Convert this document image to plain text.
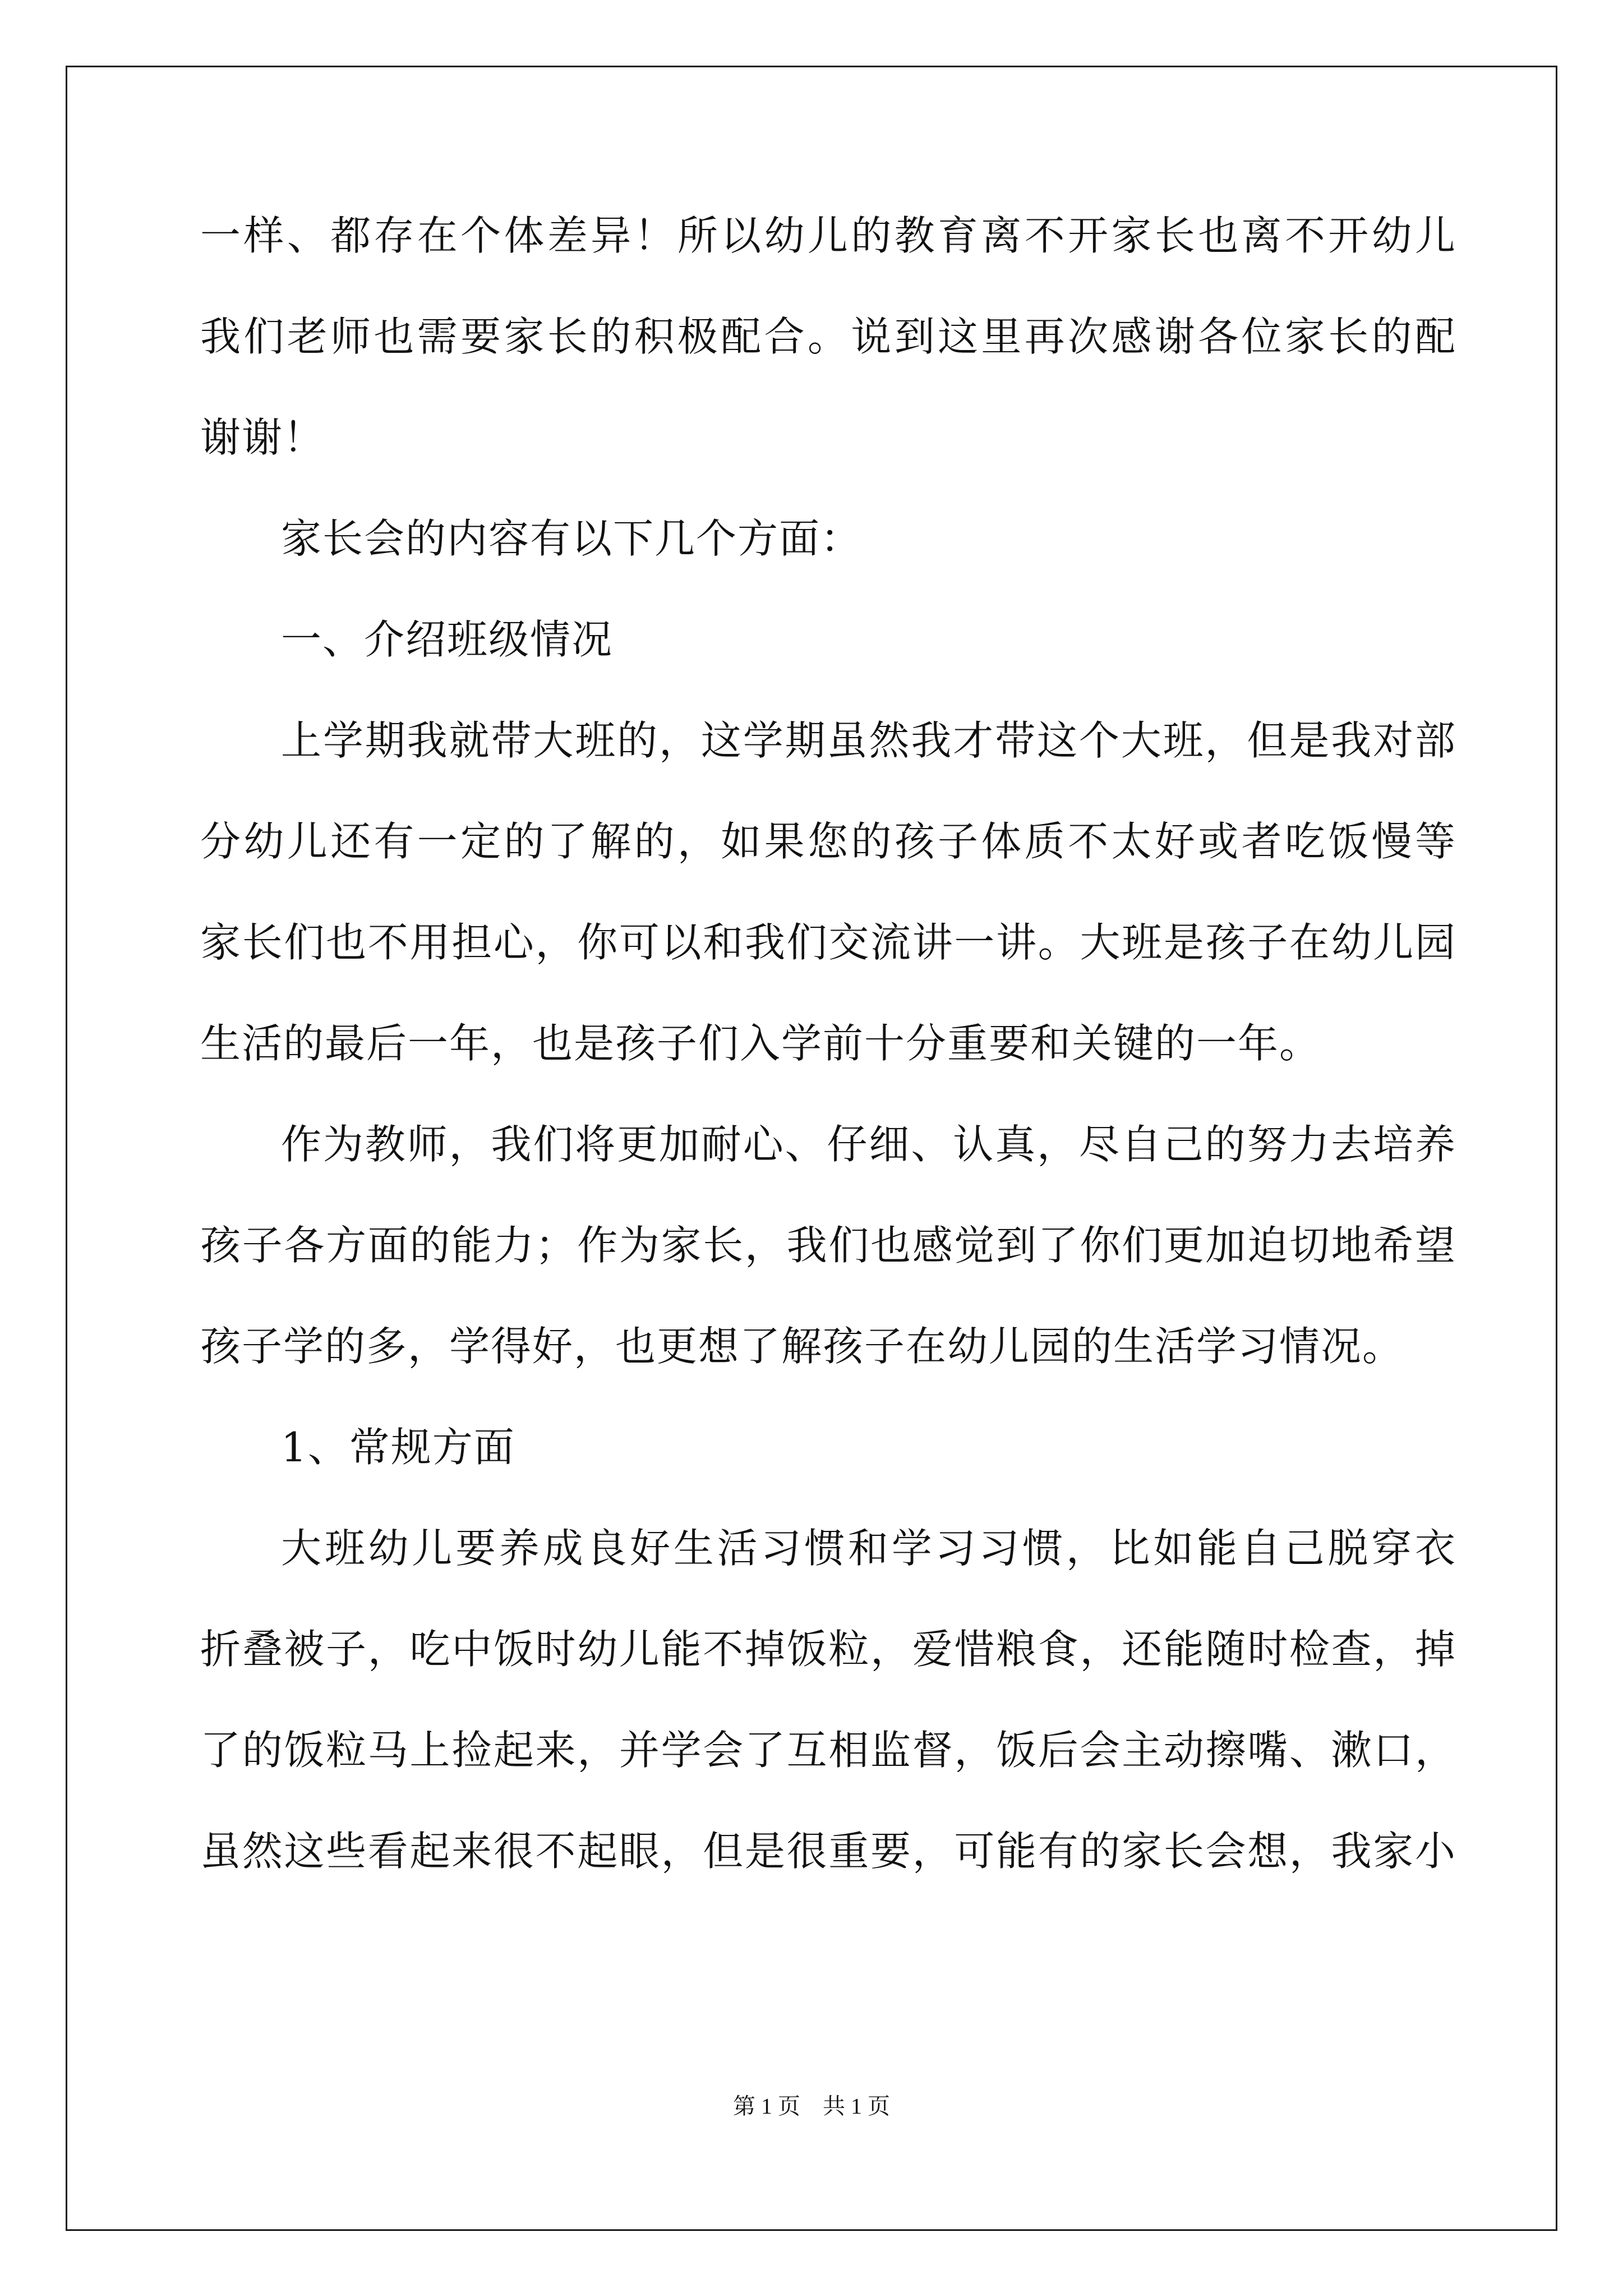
一样、都存在个体差异！所以幼儿的教育离不开家长也离不开幼儿

我们老师也需要家长的积极配合。说到这里再次感谢各位家长的配

谢谢！

家长会的内容有以下几个方面：

一、介绍班级情况

上学期我就带大班的，这学期虽然我才带这个大班，但是我对部

分幼儿还有一定的了解的，如果您的孩子体质不太好或者吃饭慢等

家长们也不用担心，你可以和我们交流讲一讲。大班是孩子在幼儿园

生活的最后一年，也是孩子们入学前十分重要和关键的一年。

作为教师，我们将更加耐心、仔细、认真，尽自己的努力去培养

孩子各方面的能力；作为家长，我们也感觉到了你们更加迫切地希望

孩子学的多，学得好，也更想了解孩子在幼儿园的生活学习情况。

1、常规方面

大班幼儿要养成良好生活习惯和学习习惯，比如能自己脱穿衣

折叠被子，吃中饭时幼儿能不掉饭粒，爱惜粮食，还能随时检查，掉

了的饭粒马上捡起来，并学会了互相监督，饭后会主动擦嘴、漱口，

虽然这些看起来很不起眼，但是很重要，可能有的家长会想，我家小

第 1 页 共 1 页
